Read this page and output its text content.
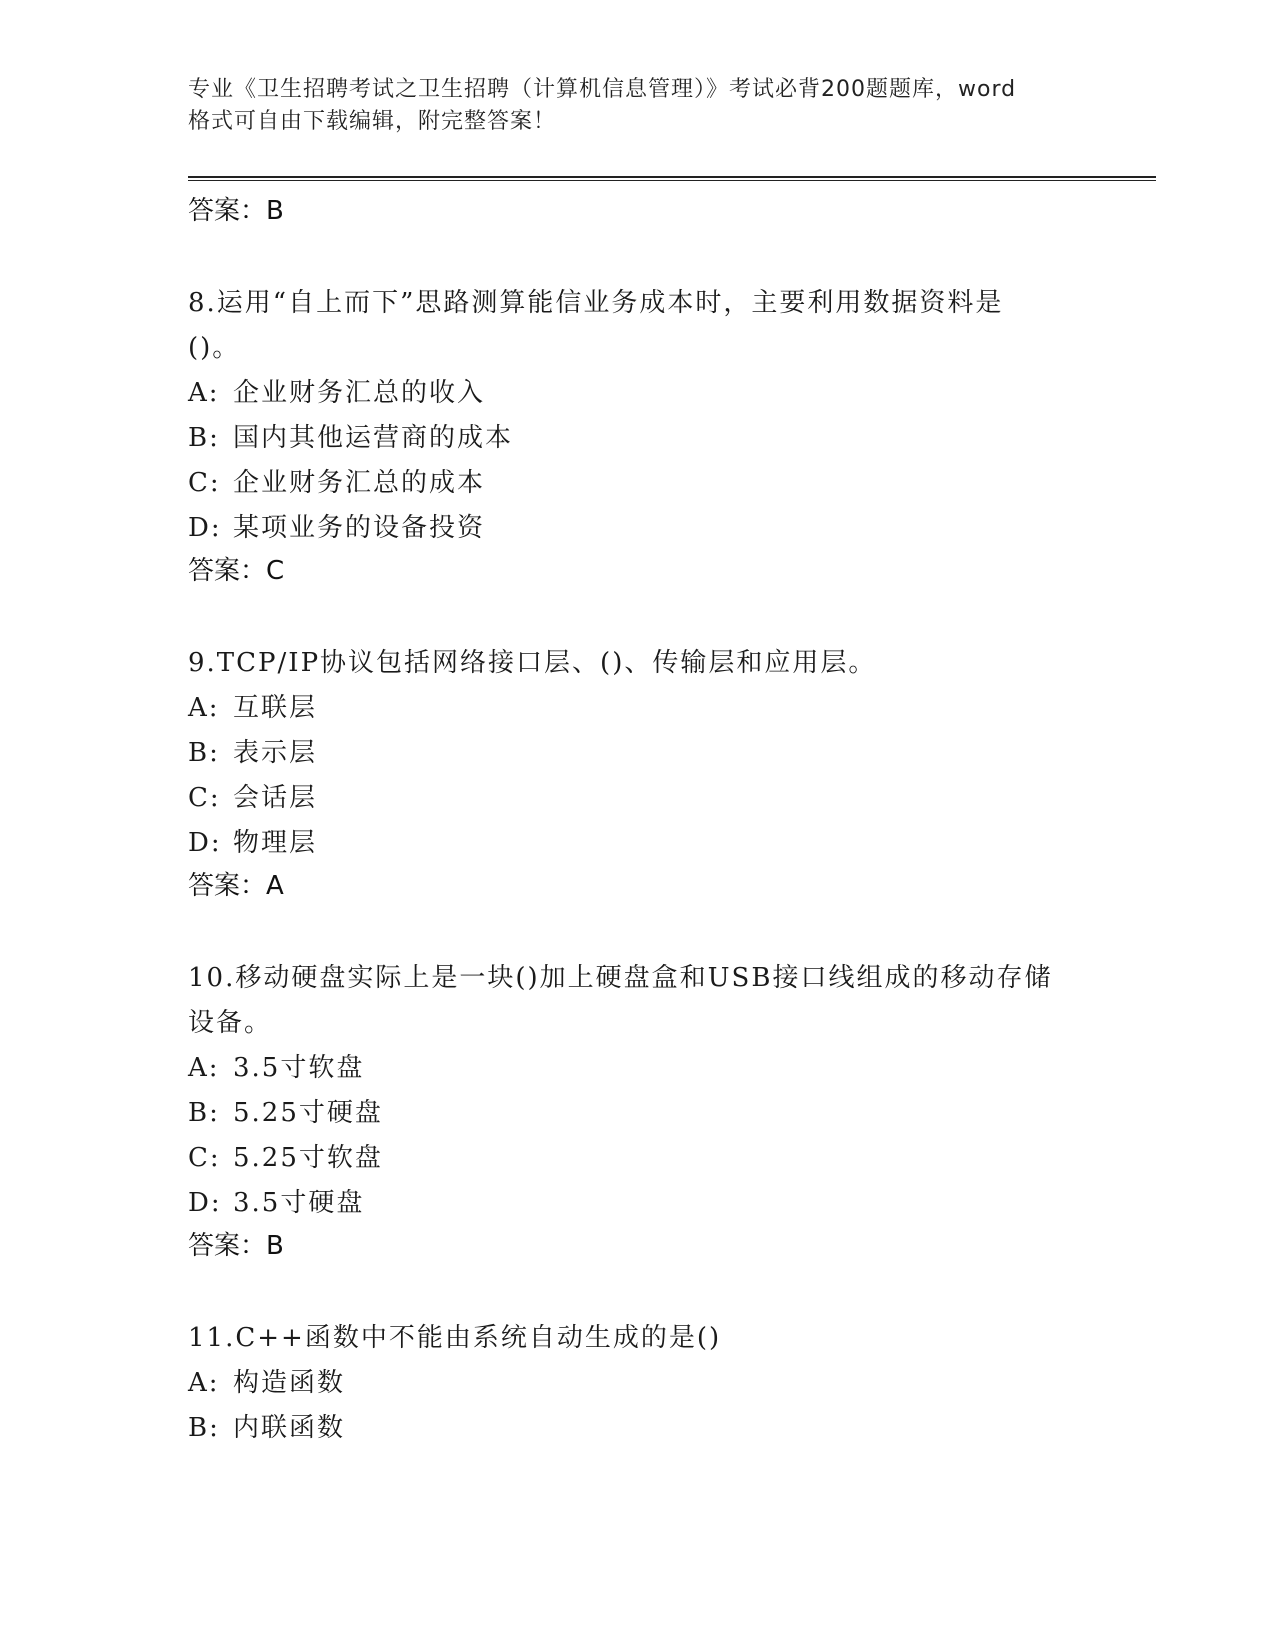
专业《卫生招聘考试之卫生招聘（计算机信息管理）》考试必背200题题库，word
格式可自由下载编辑，附完整答案！
答案：B
8.运用“自上而下”思路测算能信业务成本时，主要利用数据资料是
()。
A: 企业财务汇总的收入
B: 国内其他运营商的成本
C: 企业财务汇总的成本
D: 某项业务的设备投资
答案：C
9.TCP/IP协议包括网络接口层、()、传输层和应用层。
A: 互联层
B: 表示层
C: 会话层
D: 物理层
答案：A
10.移动硬盘实际上是一块()加上硬盘盒和USB接口线组成的移动存储
设备。
A: 3.5寸软盘
B: 5.25寸硬盘
C: 5.25寸软盘
D: 3.5寸硬盘
答案：B
11.C++函数中不能由系统自动生成的是()
A: 构造函数
B: 内联函数
